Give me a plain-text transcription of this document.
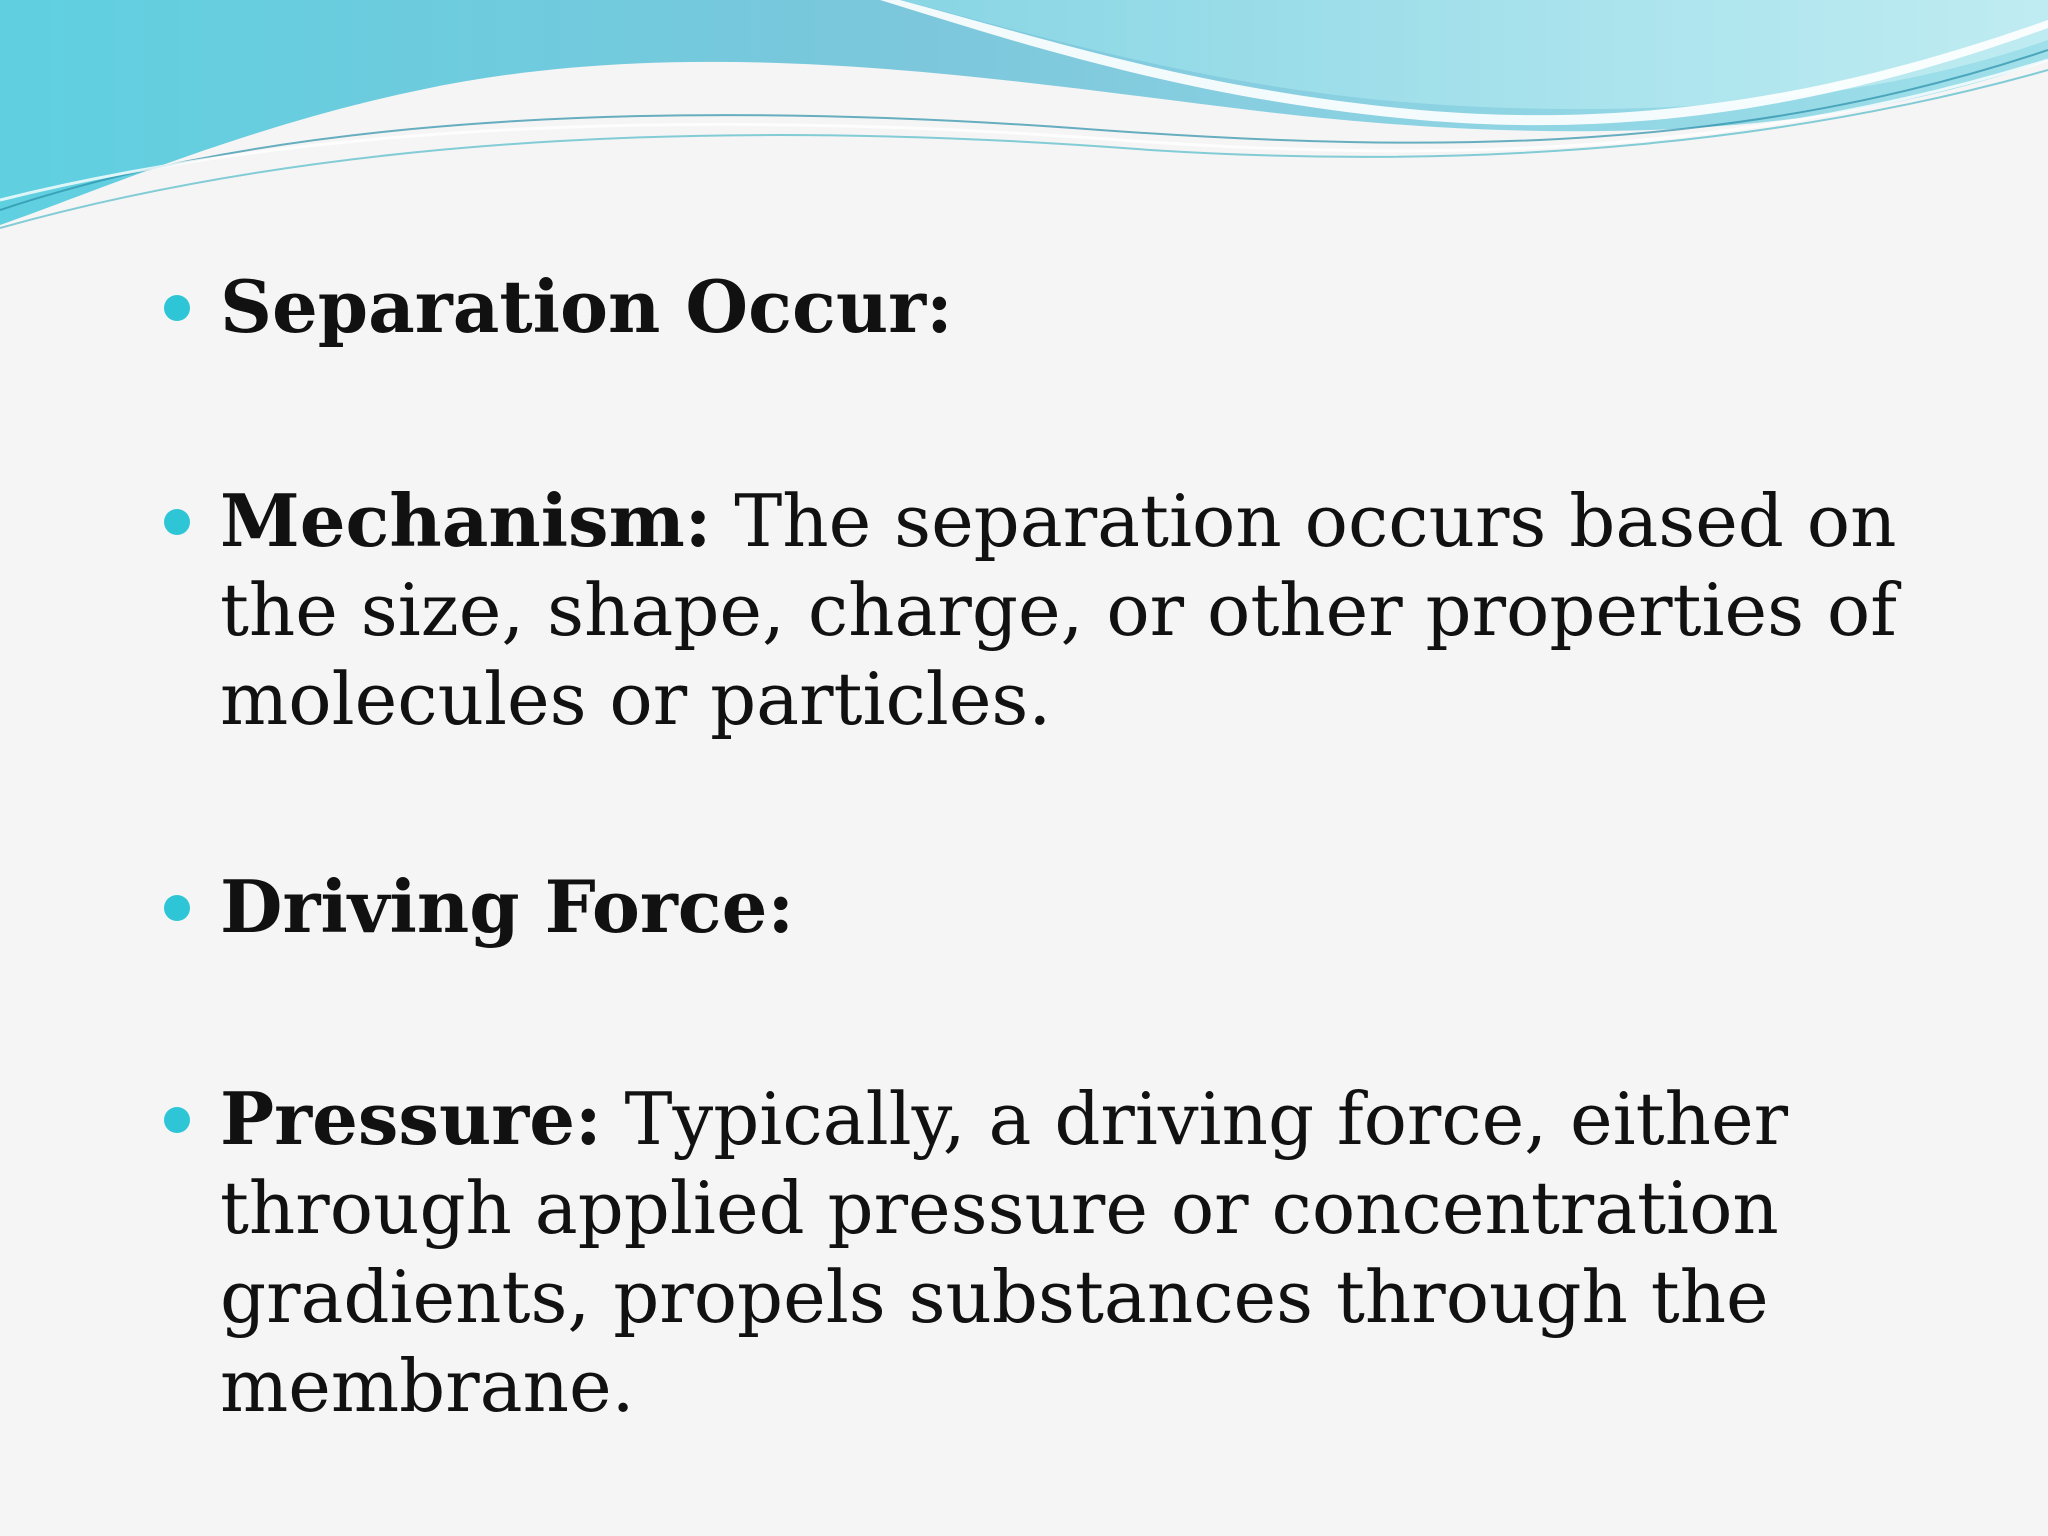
Separation Occur:
Mechanism: The separation occurs based on the size, shape, charge, or other properties of molecules or particles.
Driving Force:
Pressure: Typically, a driving force, either through applied pressure or concentration gradients, propels substances through the membrane.
